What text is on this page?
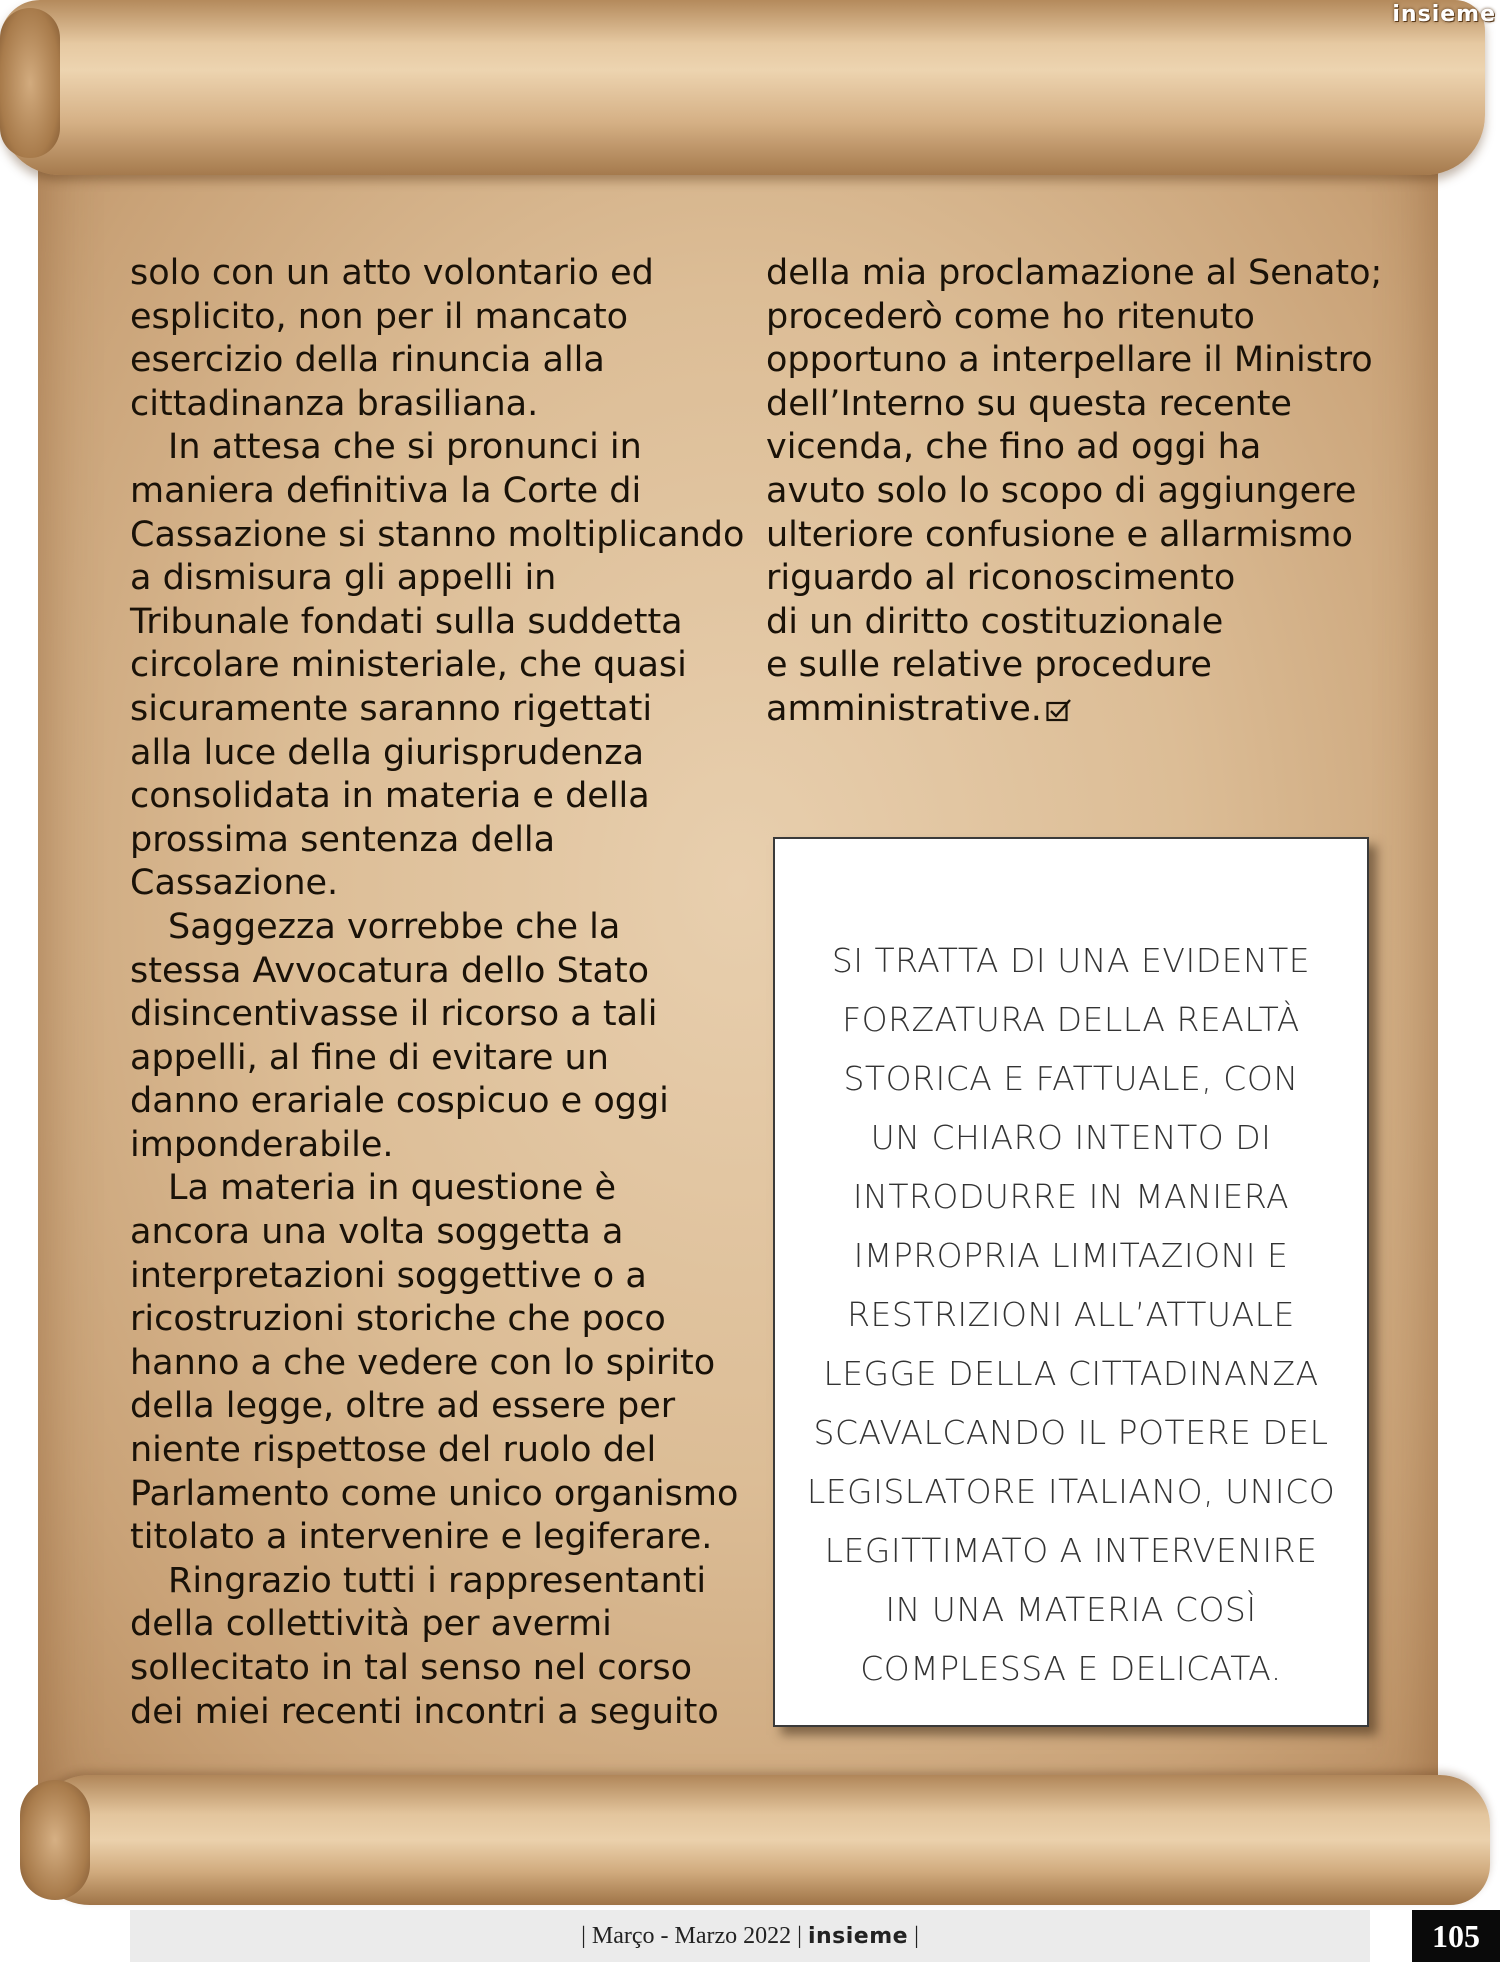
insieme
solo con un atto volontario ed
esplicito, non per il mancato
esercizio della rinuncia alla
cittadinanza brasiliana.
In attesa che si pronunci in
maniera definitiva la Corte di
Cassazione si stanno moltiplicando
a dismisura gli appelli in
Tribunale fondati sulla suddetta
circolare ministeriale, che quasi
sicuramente saranno rigettati
alla luce della giurisprudenza
consolidata in materia e della
prossima sentenza della
Cassazione.
Saggezza vorrebbe che la
stessa Avvocatura dello Stato
disincentivasse il ricorso a tali
appelli, al fine di evitare un
danno erariale cospicuo e oggi
imponderabile.
La materia in questione è
ancora una volta soggetta a
interpretazioni soggettive o a
ricostruzioni storiche che poco
hanno a che vedere con lo spirito
della legge, oltre ad essere per
niente rispettose del ruolo del
Parlamento come unico organismo
titolato a intervenire e legiferare.
Ringrazio tutti i rappresentanti
della collettività per avermi
sollecitato in tal senso nel corso
dei miei recenti incontri a seguito
della mia proclamazione al Senato;
procederò come ho ritenuto
opportuno a interpellare il Ministro
dell’Interno su questa recente
vicenda, che fino ad oggi ha
avuto solo lo scopo di aggiungere
ulteriore confusione e allarmismo
riguardo al riconoscimento
di un diritto costituzionale
e sulle relative procedure
amministrative.
SI TRATTA DI UNA EVIDENTE
FORZATURA DELLA REALTÀ
STORICA E FATTUALE, CON
UN CHIARO INTENTO DI
INTRODURRE IN MANIERA
IMPROPRIA LIMITAZIONI E
RESTRIZIONI ALL’ATTUALE
LEGGE DELLA CITTADINANZA
SCAVALCANDO IL POTERE DEL
LEGISLATORE ITALIANO, UNICO
LEGITTIMATO A INTERVENIRE
IN UNA MATERIA COSÌ
COMPLESSA E DELICATA.
| Março - Marzo 2022 | insieme |	105
